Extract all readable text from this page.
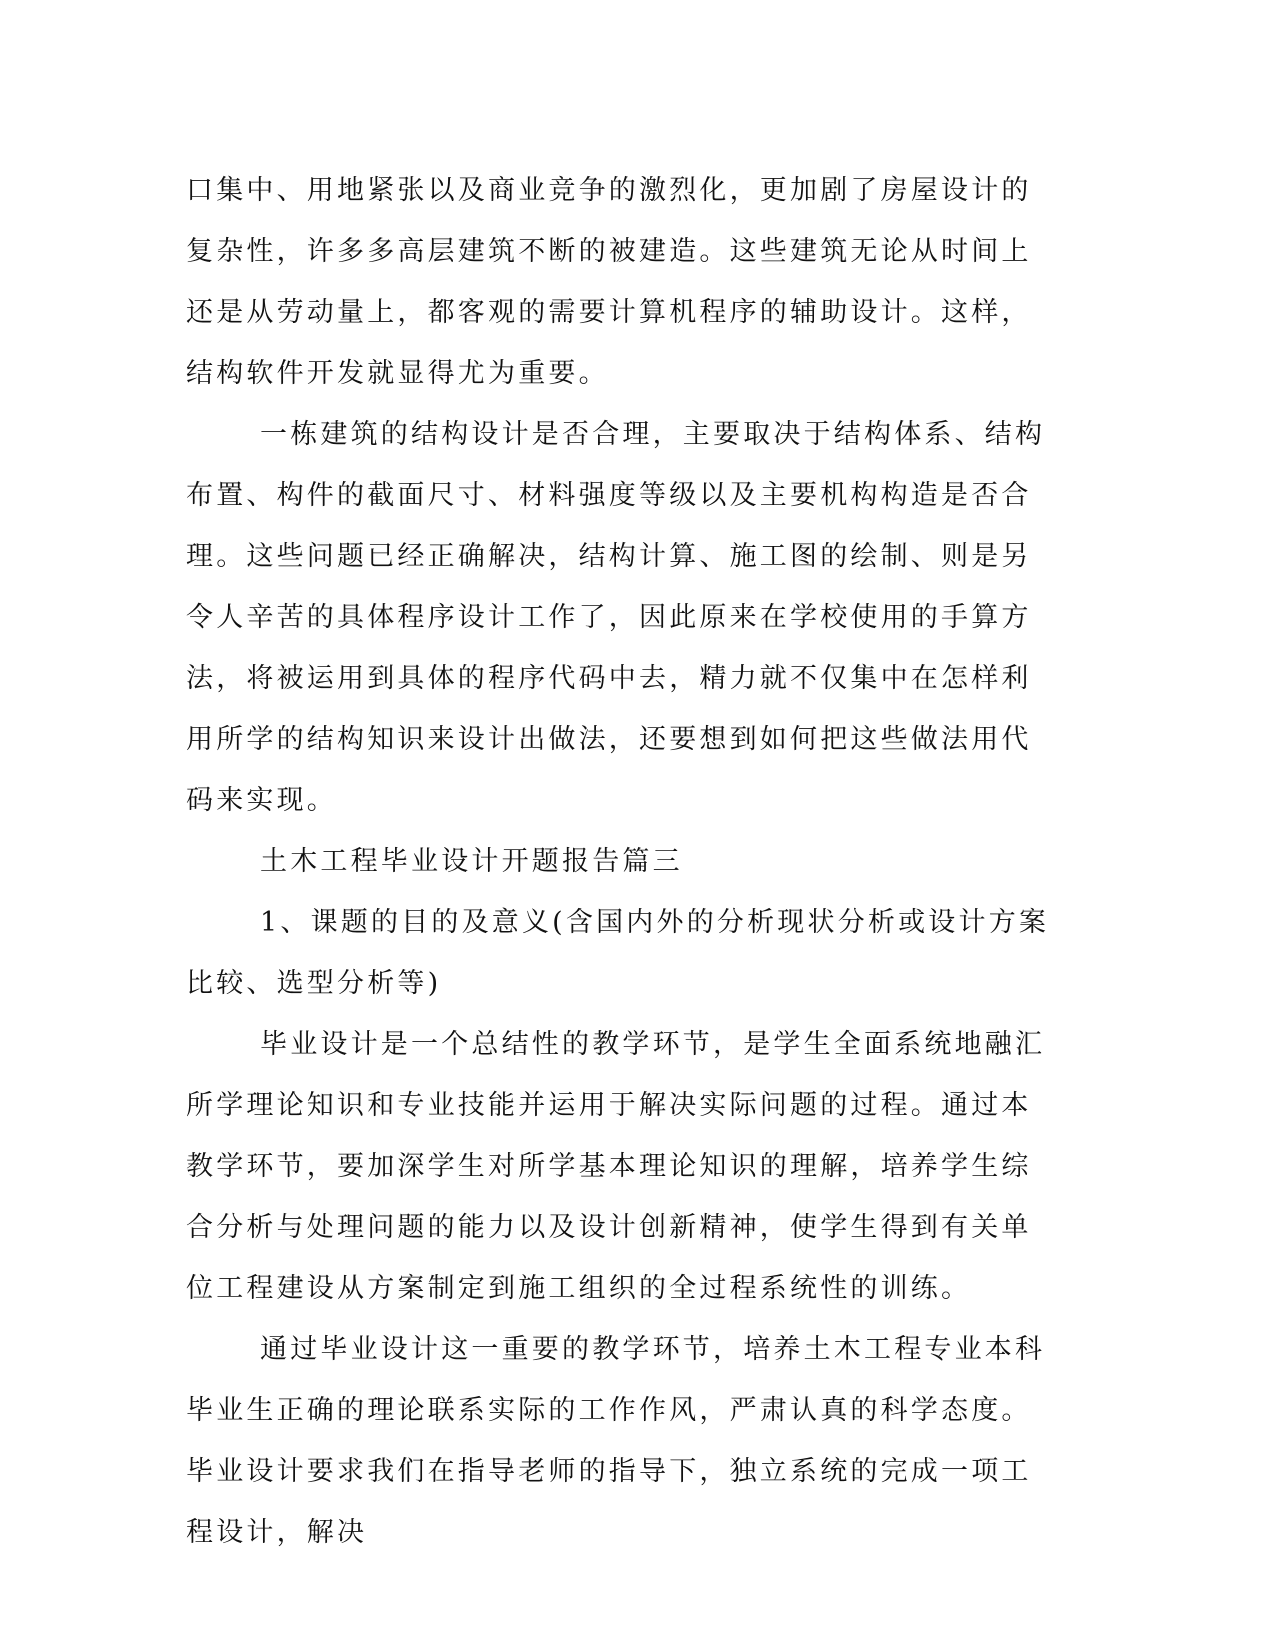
口集中、用地紧张以及商业竞争的激烈化，更加剧了房屋设计的复杂性，许多多高层建筑不断的被建造。这些建筑无论从时间上还是从劳动量上，都客观的需要计算机程序的辅助设计。这样，结构软件开发就显得尤为重要。

一栋建筑的结构设计是否合理，主要取决于结构体系、结构布置、构件的截面尺寸、材料强度等级以及主要机构构造是否合理。这些问题已经正确解决，结构计算、施工图的绘制、则是另令人辛苦的具体程序设计工作了，因此原来在学校使用的手算方法，将被运用到具体的程序代码中去，精力就不仅集中在怎样利用所学的结构知识来设计出做法，还要想到如何把这些做法用代码来实现。

土木工程毕业设计开题报告篇三

1、课题的目的及意义(含国内外的分析现状分析或设计方案比较、选型分析等)

毕业设计是一个总结性的教学环节，是学生全面系统地融汇所学理论知识和专业技能并运用于解决实际问题的过程。通过本教学环节，要加深学生对所学基本理论知识的理解，培养学生综合分析与处理问题的能力以及设计创新精神，使学生得到有关单位工程建设从方案制定到施工组织的全过程系统性的训练。

通过毕业设计这一重要的教学环节，培养土木工程专业本科毕业生正确的理论联系实际的工作作风，严肃认真的科学态度。毕业设计要求我们在指导老师的指导下，独立系统的完成一项工程设计，解决
